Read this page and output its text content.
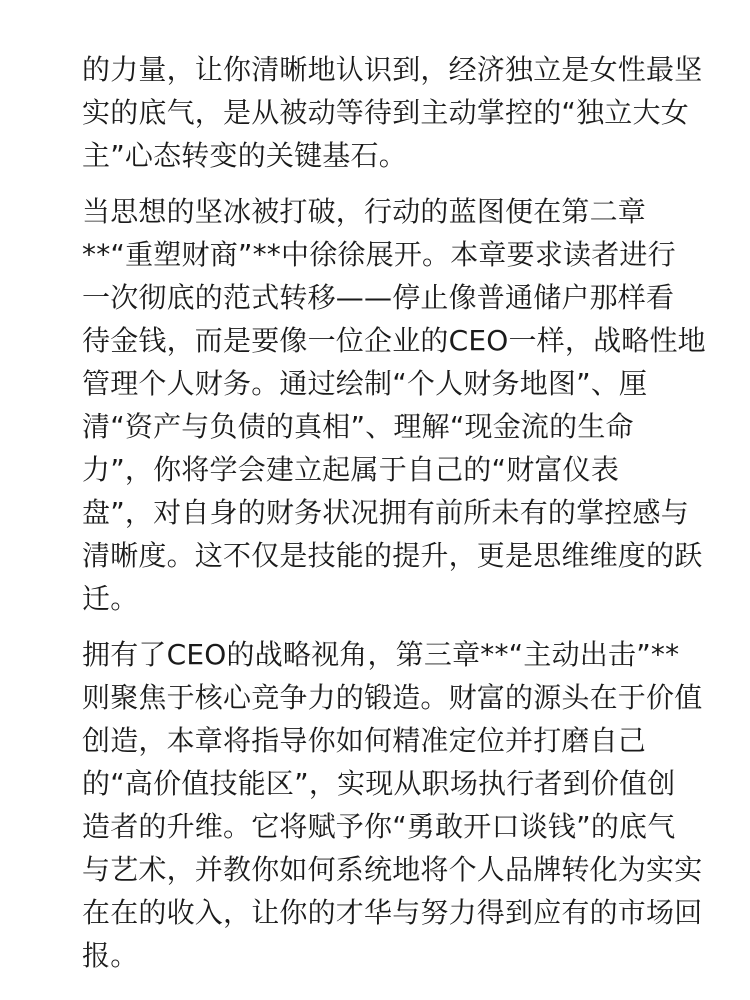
的力量，让你清晰地认识到，经济独立是女性最坚
实的底气，是从被动等待到主动掌控的“独立大女
主”心态转变的关键基石。
当思想的坚冰被打破，行动的蓝图便在第二章
**“重塑财商”**中徐徐展开。本章要求读者进行
一次彻底的范式转移——停止像普通储户那样看
待金钱，而是要像一位企业的CEO一样，战略性地
管理个人财务。通过绘制“个人财务地图”、厘
清“资产与负债的真相”、理解“现金流的生命
力”，你将学会建立起属于自己的“财富仪表
盘”，对自身的财务状况拥有前所未有的掌控感与
清晰度。这不仅是技能的提升，更是思维维度的跃
迁。
拥有了CEO的战略视角，第三章**“主动出击”**
则聚焦于核心竞争力的锻造。财富的源头在于价值
创造，本章将指导你如何精准定位并打磨自己
的“高价值技能区”，实现从职场执行者到价值创
造者的升维。它将赋予你“勇敢开口谈钱”的底气
与艺术，并教你如何系统地将个人品牌转化为实实
在在的收入，让你的才华与努力得到应有的市场回
报。
